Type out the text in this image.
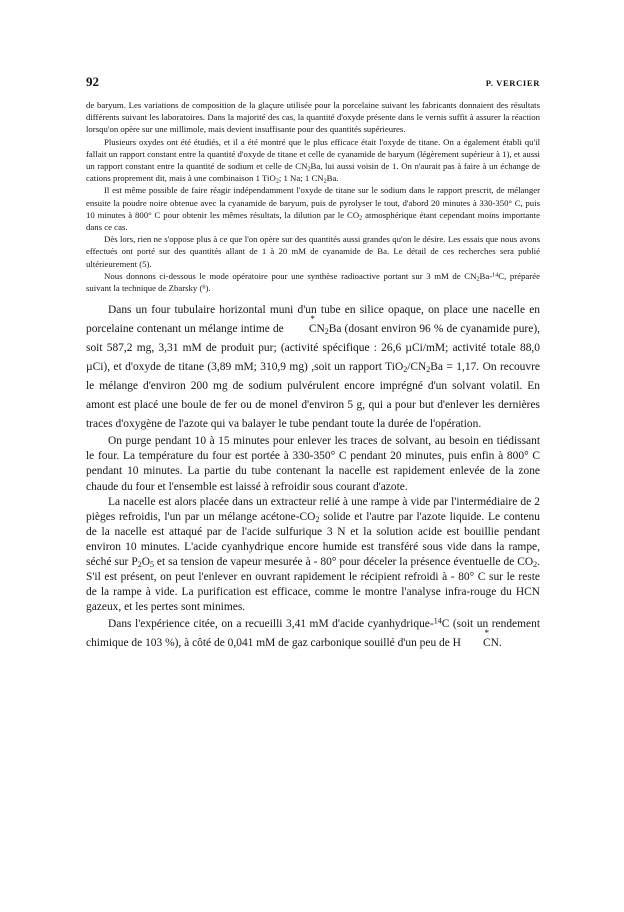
92	P. VERCIER

de baryum. Les variations de composition de la glaçure utilisée pour la porcelaine suivant les fabricants donnaient des résultats différents suivant les laboratoires. Dans la majorité des cas, la quantité d'oxyde présente dans le vernis suffit à assurer la réaction lorsqu'on opère sur une millimole, mais devient insuffisante pour des quantités supérieures.

Plusieurs oxydes ont été étudiés, et il a été montré que le plus efficace était l'oxyde de titane. On a également établi qu'il fallait un rapport constant entre la quantité d'oxyde de titane et celle de cyanamide de baryum (légèrement supérieur à 1), et aussi un rapport constant entre la quantité de sodium et celle de $CN_2Ba$, lui aussi voisin de 1. On n'aurait pas à faire à un échange de cations proprement dit, mais à une combinaison 1 TiO$_2$; 1 Na; 1 $CN_2Ba$.

Il est même possible de faire réagir indépendamment l'oxyde de titane sur le sodium dans le rapport prescrit, de mélanger ensuite la poudre noire obtenue avec la cyanamide de baryum, puis de pyrolyser le tout, d'abord 20 minutes à 330-350° C, puis 10 minutes à 800° C pour obtenir les mêmes résultats, la dilution par le $CO_2$ atmosphérique étant cependant moins importante dans ce cas.

Dès lors, rien ne s'oppose plus à ce que l'on opère sur des quantités aussi grandes qu'on le désire. Les essais que nous avons effectués ont porté sur des quantités allant de 1 à 20 mM de cyanamide de Ba. Le détail de ces recherches sera publié ultérieurement (5).

Nous donnons ci-dessous le mode opératoire pour une synthèse radioactive portant sur 3 mM de $CN_2Ba-^{14}C$, préparée suivant la technique de Zbarsky ($^6$).

Dans un four tubulaire horizontal muni d'un tube en silice opaque, on place une nacelle en porcelaine contenant un mélange intime de * $CN_2Ba$ (dosant environ 96 % de cyanamide pure), soit 587,2 mg, 3,31 mM de produit pur; (activité spécifique : 26,6 µCi/mM; activité totale 88,0 µCi), et d'oxyde de titane (3,89 mM; 310,9 mg) ,soit un rapport $TiO_2/CN_2Ba = 1,17$. On recouvre le mélange d'environ 200 mg de sodium pulvérulent encore imprégné d'un solvant volatil. En amont est placé une boule de fer ou de monel d'environ 5 g, qui a pour but d'enlever les dernières traces d'oxygène de l'azote qui va balayer le tube pendant toute la durée de l'opération.

On purge pendant 10 à 15 minutes pour enlever les traces de solvant, au besoin en tiédissant le four. La température du four est portée à 330-350° C pendant 20 minutes, puis enfin à 800° C pendant 10 minutes. La partie du tube contenant la nacelle est rapidement enlevée de la zone chaude du four et l'ensemble est laissé à refroidir sous courant d'azote.

La nacelle est alors placée dans un extracteur relié à une rampe à vide par l'intermédiaire de 2 pièges refroidis, l'un par un mélange acétone-$CO_2$ solide et l'autre par l'azote liquide. Le contenu de la nacelle est attaqué par de l'acide sulfurique 3 N et la solution acide est bouillie pendant environ 10 minutes. L'acide cyanhydrique encore humide est transféré sous vide dans la rampe, séché sur $P_2O_5$ et sa tension de vapeur mesurée à - 80° pour déceler la présence éventuelle de $CO_2$. S'il est présent, on peut l'enlever en ouvrant rapidement le récipient refroidi à - 80° C sur le reste de la rampe à vide. La purification est efficace, comme le montre l'analyse infra-rouge du HCN gazeux, et les pertes sont minimes.

Dans l'expérience citée, on a recueilli 3,41 mM d'acide cyanhydrique-$^{14}$C (soit un rendement chimique de 103 %), à côté de 0,041 mM de gaz carbonique souillé d'un peu de H* CN.
